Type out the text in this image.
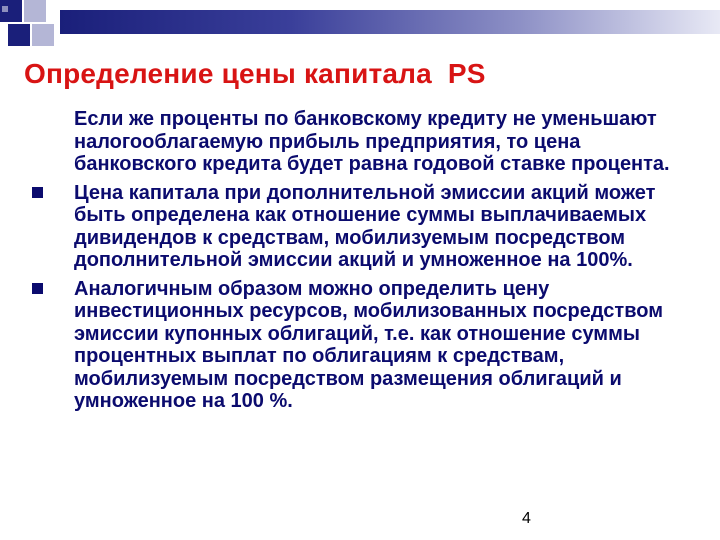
Определение цены капитала  PS
Если же проценты по банковскому кредиту не уменьшают налогооблагаемую прибыль предприятия, то цена банковского кредита будет равна годовой ставке процента.
Цена капитала при дополнительной эмиссии акций может быть определена как отношение суммы выплачиваемых дивидендов к средствам, мобилизуемым посредством дополнительной эмиссии акций и умноженное на 100%.
Аналогичным образом можно определить цену инвестиционных ресурсов, мобилизованных посредством эмиссии купонных облигаций, т.е. как отношение суммы процентных выплат по облигациям к средствам, мобилизуемым посредством размещения облигаций и умноженное на 100 %.
4
